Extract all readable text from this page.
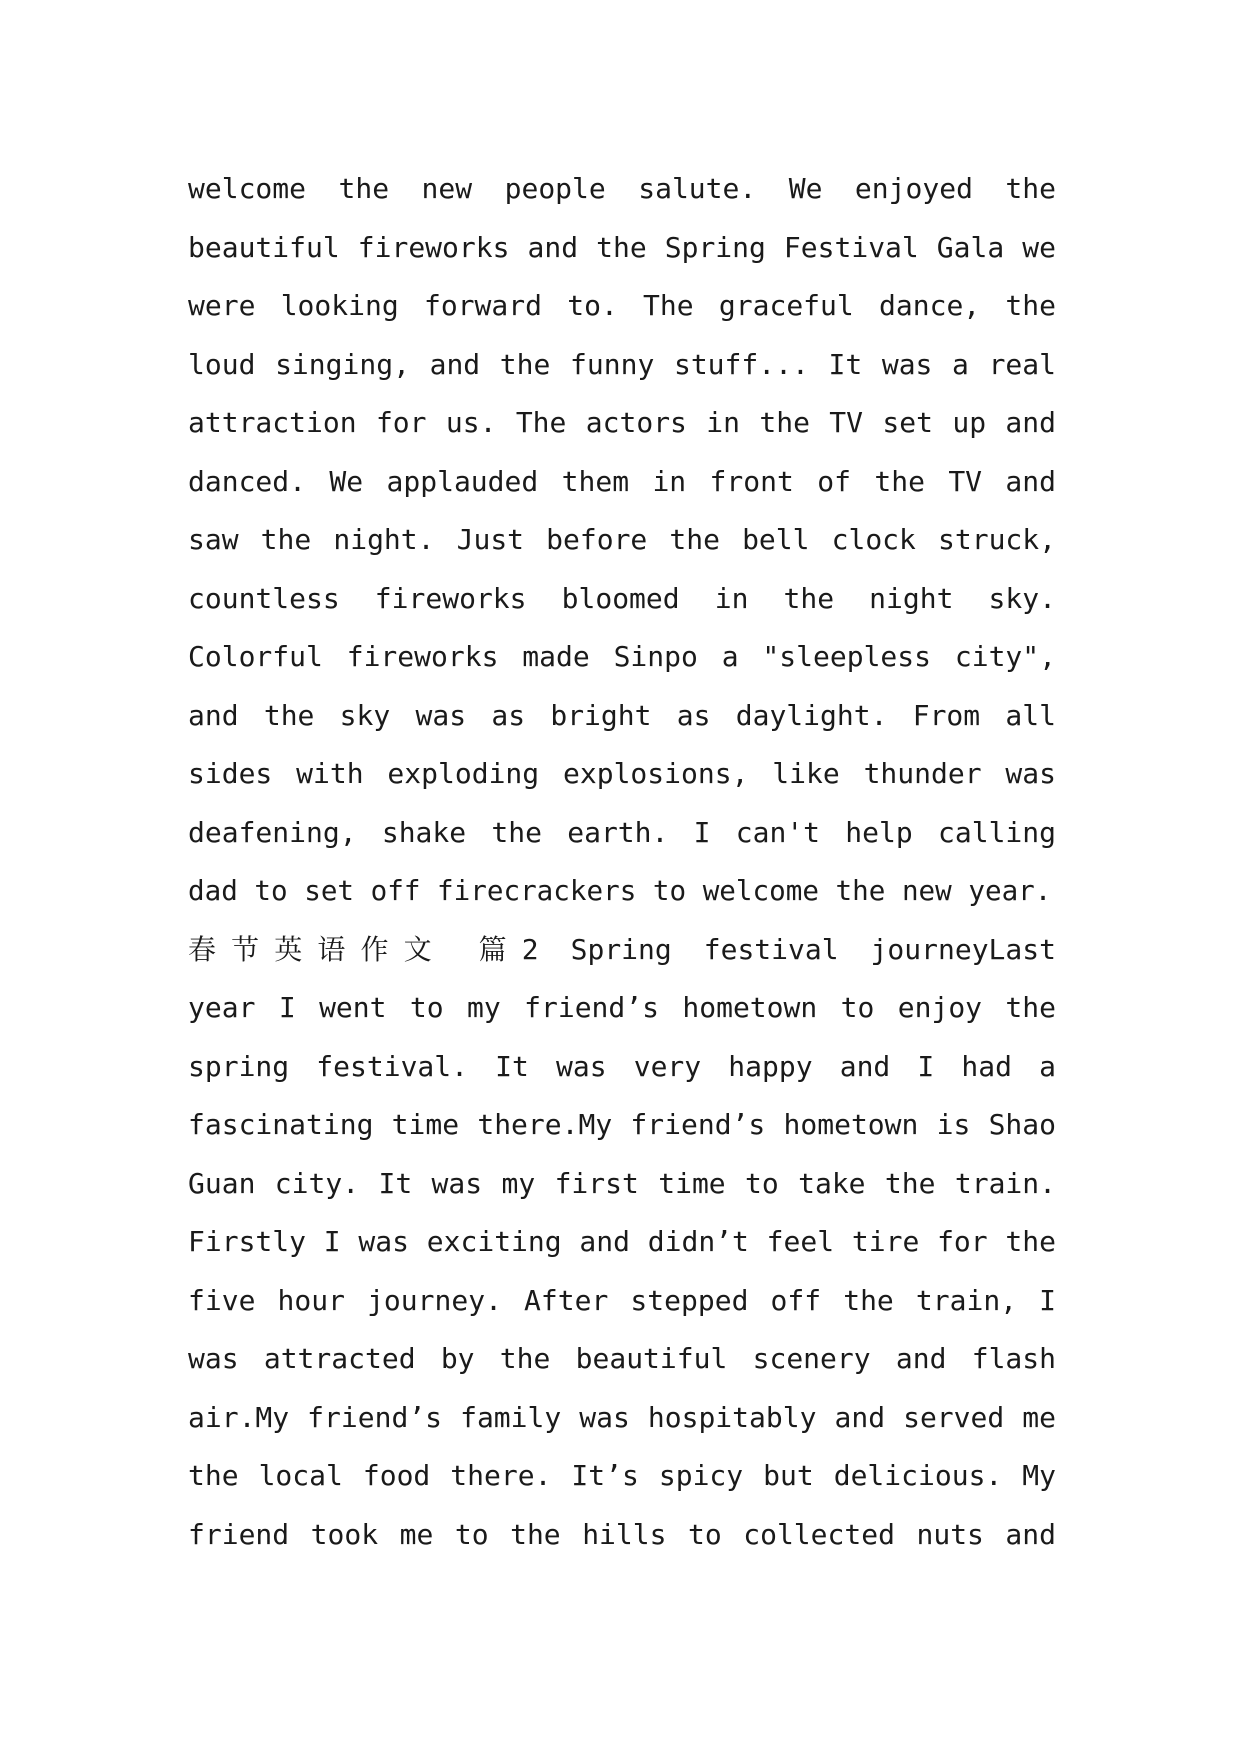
welcome the new people salute. We enjoyed the
beautiful fireworks and the Spring Festival Gala we
were looking forward to. The graceful dance, the
loud singing, and the funny stuff... It was a real
attraction for us. The actors in the TV set up and
danced. We applauded them in front of the TV and
saw the night. Just before the bell clock struck,
countless fireworks bloomed in the night sky.
Colorful fireworks made Sinpo a "sleepless city",
and the sky was as bright as daylight. From all
sides with exploding explosions, like thunder was
deafening, shake the earth. I can't help calling
dad to set off firecrackers to welcome the new year.
春节英语作文 篇2 Spring festival journeyLast
year I went to my friend’s hometown to enjoy the
spring festival. It was very happy and I had a
fascinating time there.My friend’s hometown is Shao
Guan city. It was my first time to take the train.
Firstly I was exciting and didn’t feel tire for the
five hour journey. After stepped off the train, I
was attracted by the beautiful scenery and flash
air.My friend’s family was hospitably and served me
the local food there. It’s spicy but delicious. My
friend took me to the hills to collected nuts and
